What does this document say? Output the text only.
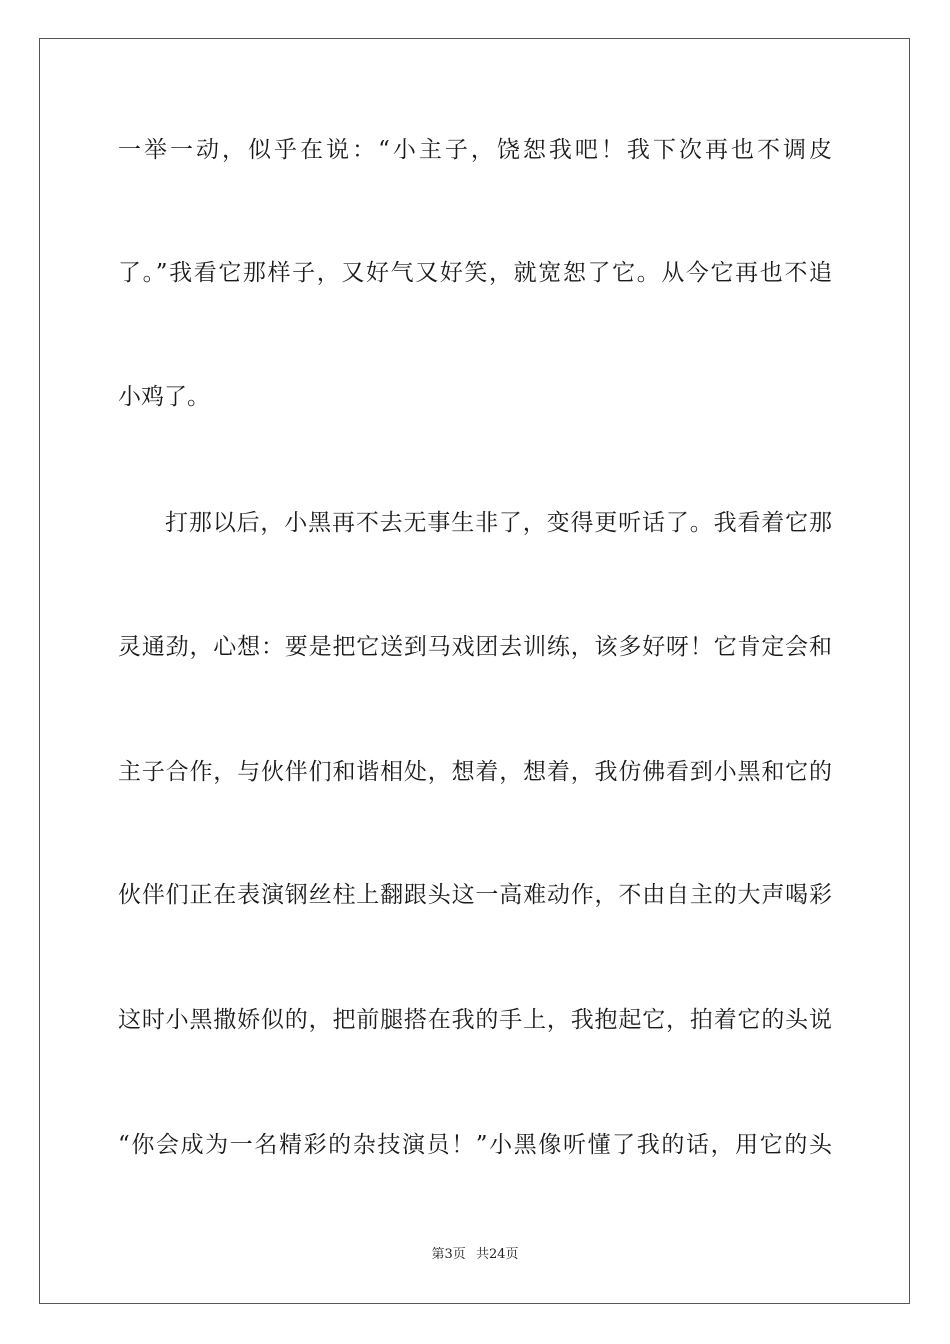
一举一动，似乎在说：“小主子，饶恕我吧！我下次再也不调皮
了。”我看它那样子，又好气又好笑，就宽恕了它。从今它再也不追
小鸡了。
打那以后，小黑再不去无事生非了，变得更听话了。我看着它那
灵通劲，心想：要是把它送到马戏团去训练，该多好呀！它肯定会和
主子合作，与伙伴们和谐相处，想着，想着，我仿佛看到小黑和它的
伙伴们正在表演钢丝柱上翻跟头这一高难动作，不由自主的大声喝彩
这时小黑撒娇似的，把前腿搭在我的手上，我抱起它，拍着它的头说
“你会成为一名精彩的杂技演员！”小黑像听懂了我的话，用它的头
第3页 共24页
